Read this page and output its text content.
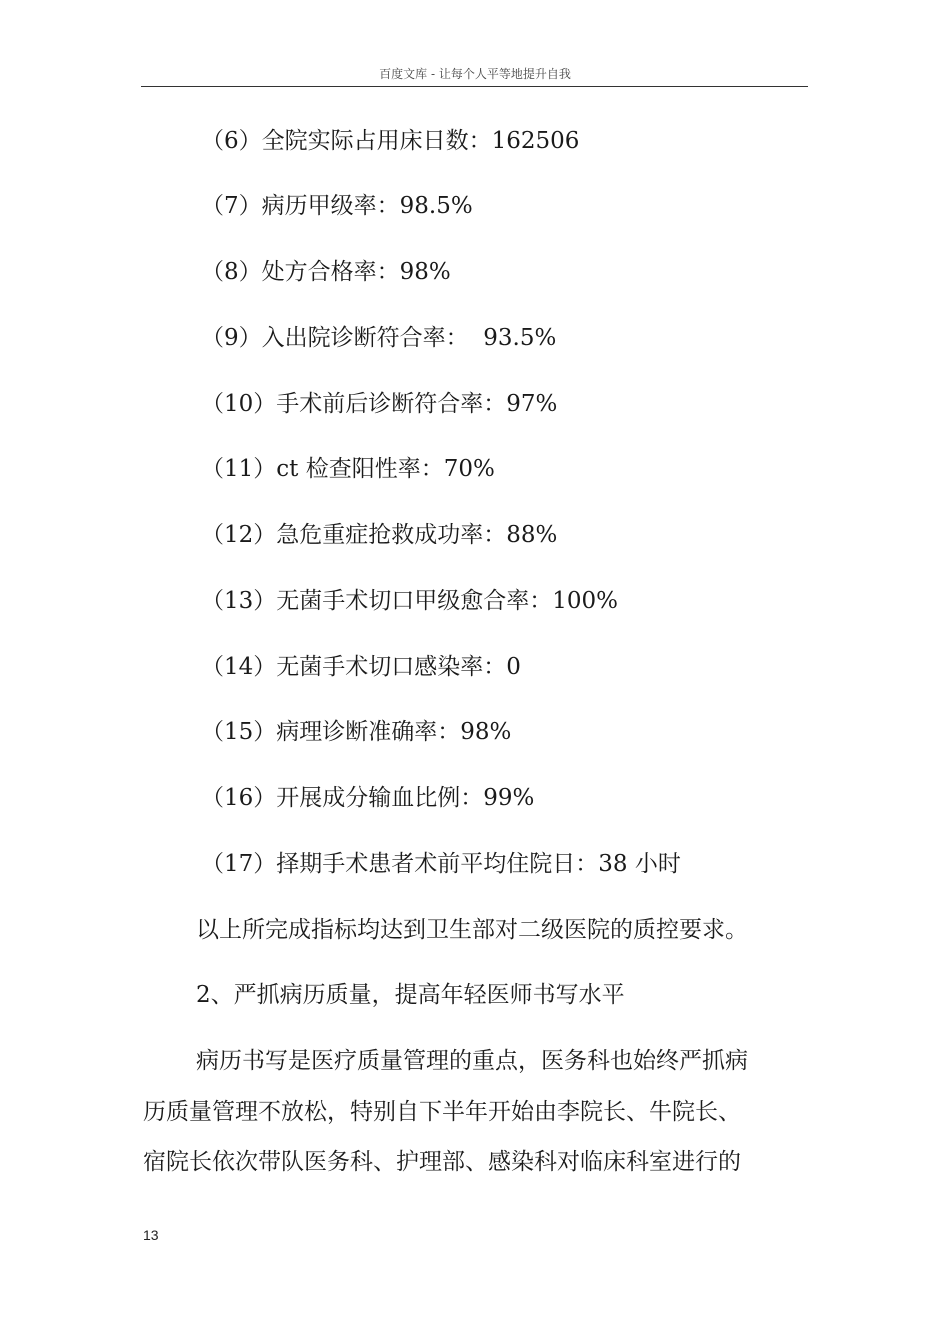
百度文库 - 让每个人平等地提升自我
（6）全院实际占用床日数：162506
（7）病历甲级率：98.5%
（8）处方合格率：98%
（9）入出院诊断符合率：  93.5%
（10）手术前后诊断符合率：97%
（11）ct 检查阳性率：70%
（12）急危重症抢救成功率：88%
（13）无菌手术切口甲级愈合率：100%
（14）无菌手术切口感染率：0
（15）病理诊断准确率：98%
（16）开展成分输血比例：99%
（17）择期手术患者术前平均住院日：38 小时
以上所完成指标均达到卫生部对二级医院的质控要求。
2、严抓病历质量，提高年轻医师书写水平
病历书写是医疗质量管理的重点，医务科也始终严抓病
历质量管理不放松，特别自下半年开始由李院长、牛院长、
宿院长依次带队医务科、护理部、感染科对临床科室进行的
13
